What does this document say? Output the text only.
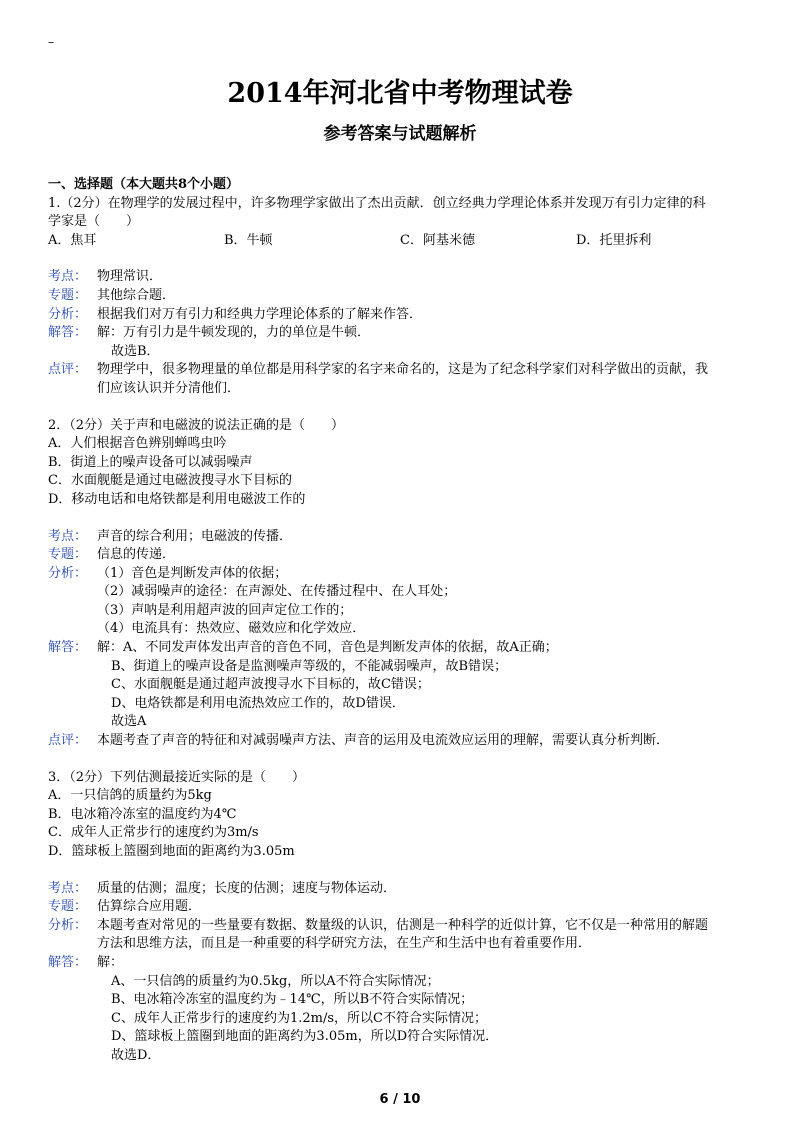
–
2014年河北省中考物理试卷
参考答案与试题解析
一、选择题（本大题共8个小题）
1.（2分）在物理学的发展过程中，许多物理学家做出了杰出贡献．创立经典力学理论体系并发现万有引力定律的科
学家是（　　）
A．焦耳	B．牛顿	C．阿基米德	D．托里拆利
考点： 物理常识．
专题： 其他综合题．
分析： 根据我们对万有引力和经典力学理论体系的了解来作答．
解答： 解：万有引力是牛顿发现的，力的单位是牛顿．
故选B．
点评： 物理学中，很多物理量的单位都是用科学家的名字来命名的，这是为了纪念科学家们对科学做出的贡献，我
们应该认识并分清他们．
2．（2分）关于声和电磁波的说法正确的是（　　）
A．人们根据音色辨别蝉鸣虫吟
B．街道上的噪声设备可以减弱噪声
C．水面舰艇是通过电磁波搜寻水下目标的
D．移动电话和电烙铁都是利用电磁波工作的
考点： 声音的综合利用；电磁波的传播．
专题： 信息的传递．
分析： （1）音色是判断发声体的依据；
（2）减弱噪声的途径：在声源处、在传播过程中、在人耳处；
（3）声呐是利用超声波的回声定位工作的；
（4）电流具有：热效应、磁效应和化学效应．
解答： 解：A、不同发声体发出声音的音色不同，音色是判断发声体的依据，故A正确；
B、街道上的噪声设备是监测噪声等级的，不能减弱噪声，故B错误；
C、水面舰艇是通过超声波搜寻水下目标的，故C错误；
D、电烙铁都是利用电流热效应工作的，故D错误．
故选A
点评： 本题考查了声音的特征和对减弱噪声方法、声音的运用及电流效应运用的理解，需要认真分析判断．
3．（2分）下列估测最接近实际的是（　　）
A．一只信鸽的质量约为5kg
B．电冰箱冷冻室的温度约为4℃
C．成年人正常步行的速度约为3m/s
D．篮球板上篮圈到地面的距离约为3.05m
考点： 质量的估测；温度；长度的估测；速度与物体运动．
专题： 估算综合应用题．
分析： 本题考查对常见的一些量要有数据、数量级的认识，估测是一种科学的近似计算，它不仅是一种常用的解题
方法和思维方法，而且是一种重要的科学研究方法，在生产和生活中也有着重要作用．
解答： 解：
A、一只信鸽的质量约为0.5kg，所以A不符合实际情况；
B、电冰箱冷冻室的温度约为﹣14℃，所以B不符合实际情况；
C、成年人正常步行的速度约为1.2m/s，所以C不符合实际情况；
D、篮球板上篮圈到地面的距离约为3.05m，所以D符合实际情况．
故选D．
6 / 10
